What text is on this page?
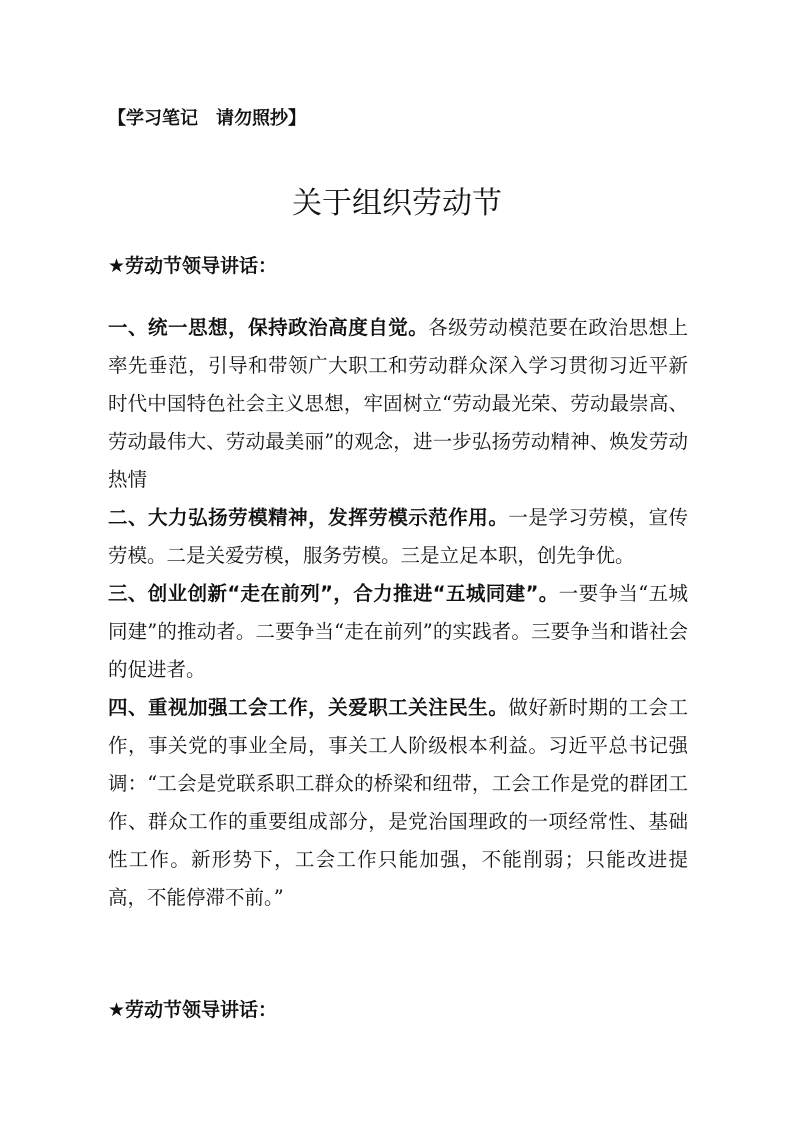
【学习笔记　请勿照抄】

关于组织劳动节

★劳动节领导讲话：

一、统一思想，保持政治高度自觉。各级劳动模范要在政治思想上率先垂范，引导和带领广大职工和劳动群众深入学习贯彻习近平新时代中国特色社会主义思想，牢固树立“劳动最光荣、劳动最崇高、劳动最伟大、劳动最美丽”的观念，进一步弘扬劳动精神、焕发劳动热情

二、大力弘扬劳模精神，发挥劳模示范作用。一是学习劳模，宣传劳模。二是关爱劳模，服务劳模。三是立足本职，创先争优。

三、创业创新“走在前列”，合力推进“五城同建”。一要争当“五城同建”的推动者。二要争当“走在前列”的实践者。三要争当和谐社会的促进者。

四、重视加强工会工作，关爱职工关注民生。做好新时期的工会工作，事关党的事业全局，事关工人阶级根本利益。习近平总书记强调：“工会是党联系职工群众的桥梁和纽带，工会工作是党的群团工作、群众工作的重要组成部分，是党治国理政的一项经常性、基础性工作。新形势下，工会工作只能加强，不能削弱；只能改进提高，不能停滞不前。”

★劳动节领导讲话：
